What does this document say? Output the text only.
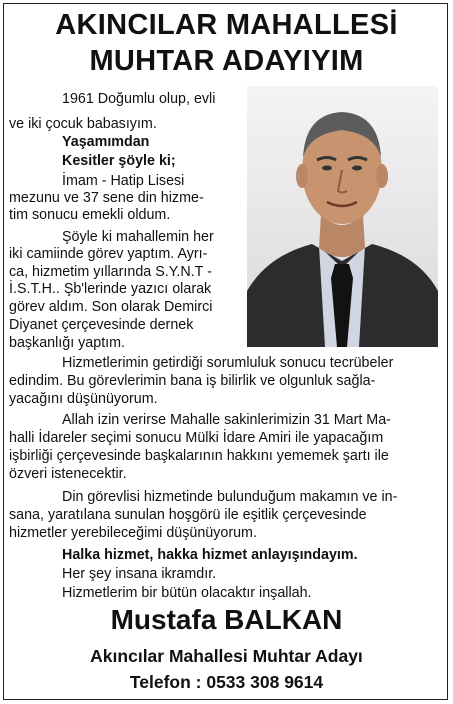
AKINCILAR MAHALLESİ
MUHTAR ADAYIYIM
1961 Doğumlu olup, evli
ve iki çocuk babasıyım.
Yaşamımdan
Kesitler şöyle ki;
İmam - Hatip Lisesi
mezunu ve 37 sene din hizme-
tim sonucu emekli oldum.
Şöyle ki mahallemin her
iki camiinde görev yaptım. Ayrı-
ca, hizmetim yıllarında S.Y.N.T -
İ.S.T.H.. Şb'lerinde yazıcı olarak
görev aldım. Son olarak Demirci
Diyanet çerçevesinde dernek
başkanlığı yaptım.
Hizmetlerimin getirdiği sorumluluk sonucu tecrübeler
edindim. Bu görevlerimin bana iş bilirlik ve olgunluk sağla-
yacağını düşünüyorum.
Allah izin verirse Mahalle sakinlerimizin 31 Mart Ma-
halli İdareler seçimi sonucu Mülki İdare Amiri ile yapacağım
işbirliği çerçevesinde başkalarının hakkını yememek şartı ile
özveri istenecektir.
Din görevlisi hizmetinde bulunduğum makamın ve in-
sana, yaratılana sunulan hoşgörü ile eşitlik çerçevesinde
hizmetler yerebileceğimi düşünüyorum.
Halka hizmet, hakka hizmet anlayışındayım.
Her şey insana ikramdır.
Hizmetlerim bir bütün olacaktır inşallah.
Mustafa BALKAN
Akıncılar Mahallesi Muhtar Adayı
Telefon : 0533 308 9614
